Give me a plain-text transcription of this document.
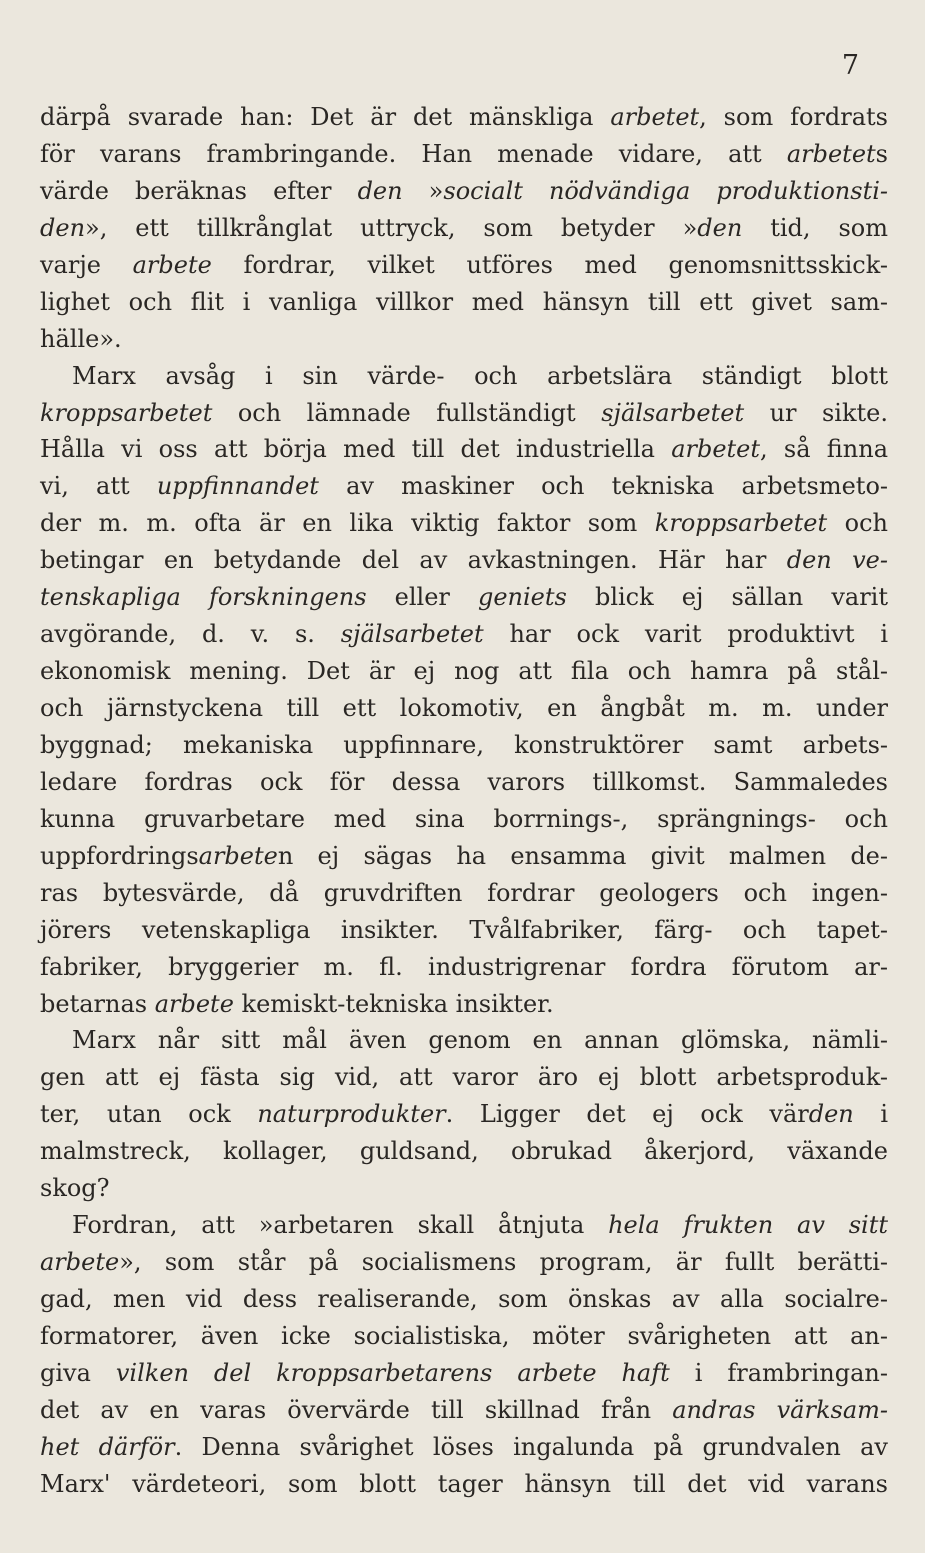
7
därpå svarade han: Det är det mänskliga arbetet, som fordrats
för varans frambringande. Han menade vidare, att arbetets
värde beräknas efter den »socialt nödvändiga produktionsti-
den», ett tillkrånglat uttryck, som betyder »den tid, som
varje arbete fordrar, vilket utföres med genomsnittsskick-
lighet och flit i vanliga villkor med hänsyn till ett givet sam-
hälle».
Marx avsåg i sin värde- och arbetslära ständigt blott
kroppsarbetet och lämnade fullständigt själsarbetet ur sikte.
Hålla vi oss att börja med till det industriella arbetet, så finna
vi, att uppfinnandet av maskiner och tekniska arbetsmeto-
der m. m. ofta är en lika viktig faktor som kroppsarbetet och
betingar en betydande del av avkastningen. Här har den ve-
tenskapliga forskningens eller geniets blick ej sällan varit
avgörande, d. v. s. själsarbetet har ock varit produktivt i
ekonomisk mening. Det är ej nog att fila och hamra på stål-
och järnstyckena till ett lokomotiv, en ångbåt m. m. under
byggnad; mekaniska uppfinnare, konstruktörer samt arbets-
ledare fordras ock för dessa varors tillkomst. Sammaledes
kunna gruvarbetare med sina borrnings-, sprängnings- och
uppfordringsarbeten ej sägas ha ensamma givit malmen de-
ras bytesvärde, då gruvdriften fordrar geologers och ingen-
jörers vetenskapliga insikter. Tvålfabriker, färg- och tapet-
fabriker, bryggerier m. fl. industrigrenar fordra förutom ar-
betarnas arbete kemiskt-tekniska insikter.
Marx når sitt mål även genom en annan glömska, nämli-
gen att ej fästa sig vid, att varor äro ej blott arbetsproduk-
ter, utan ock naturprodukter. Ligger det ej ock värden i
malmstreck, kollager, guldsand, obrukad åkerjord, växande
skog?
Fordran, att »arbetaren skall åtnjuta hela frukten av sitt
arbete», som står på socialismens program, är fullt berätti-
gad, men vid dess realiserande, som önskas av alla socialre-
formatorer, även icke socialistiska, möter svårigheten att an-
giva vilken del kroppsarbetarens arbete haft i frambringan-
det av en varas övervärde till skillnad från andras värksam-
het därför. Denna svårighet löses ingalunda på grundvalen av
Marx' värdeteori, som blott tager hänsyn till det vid varans
